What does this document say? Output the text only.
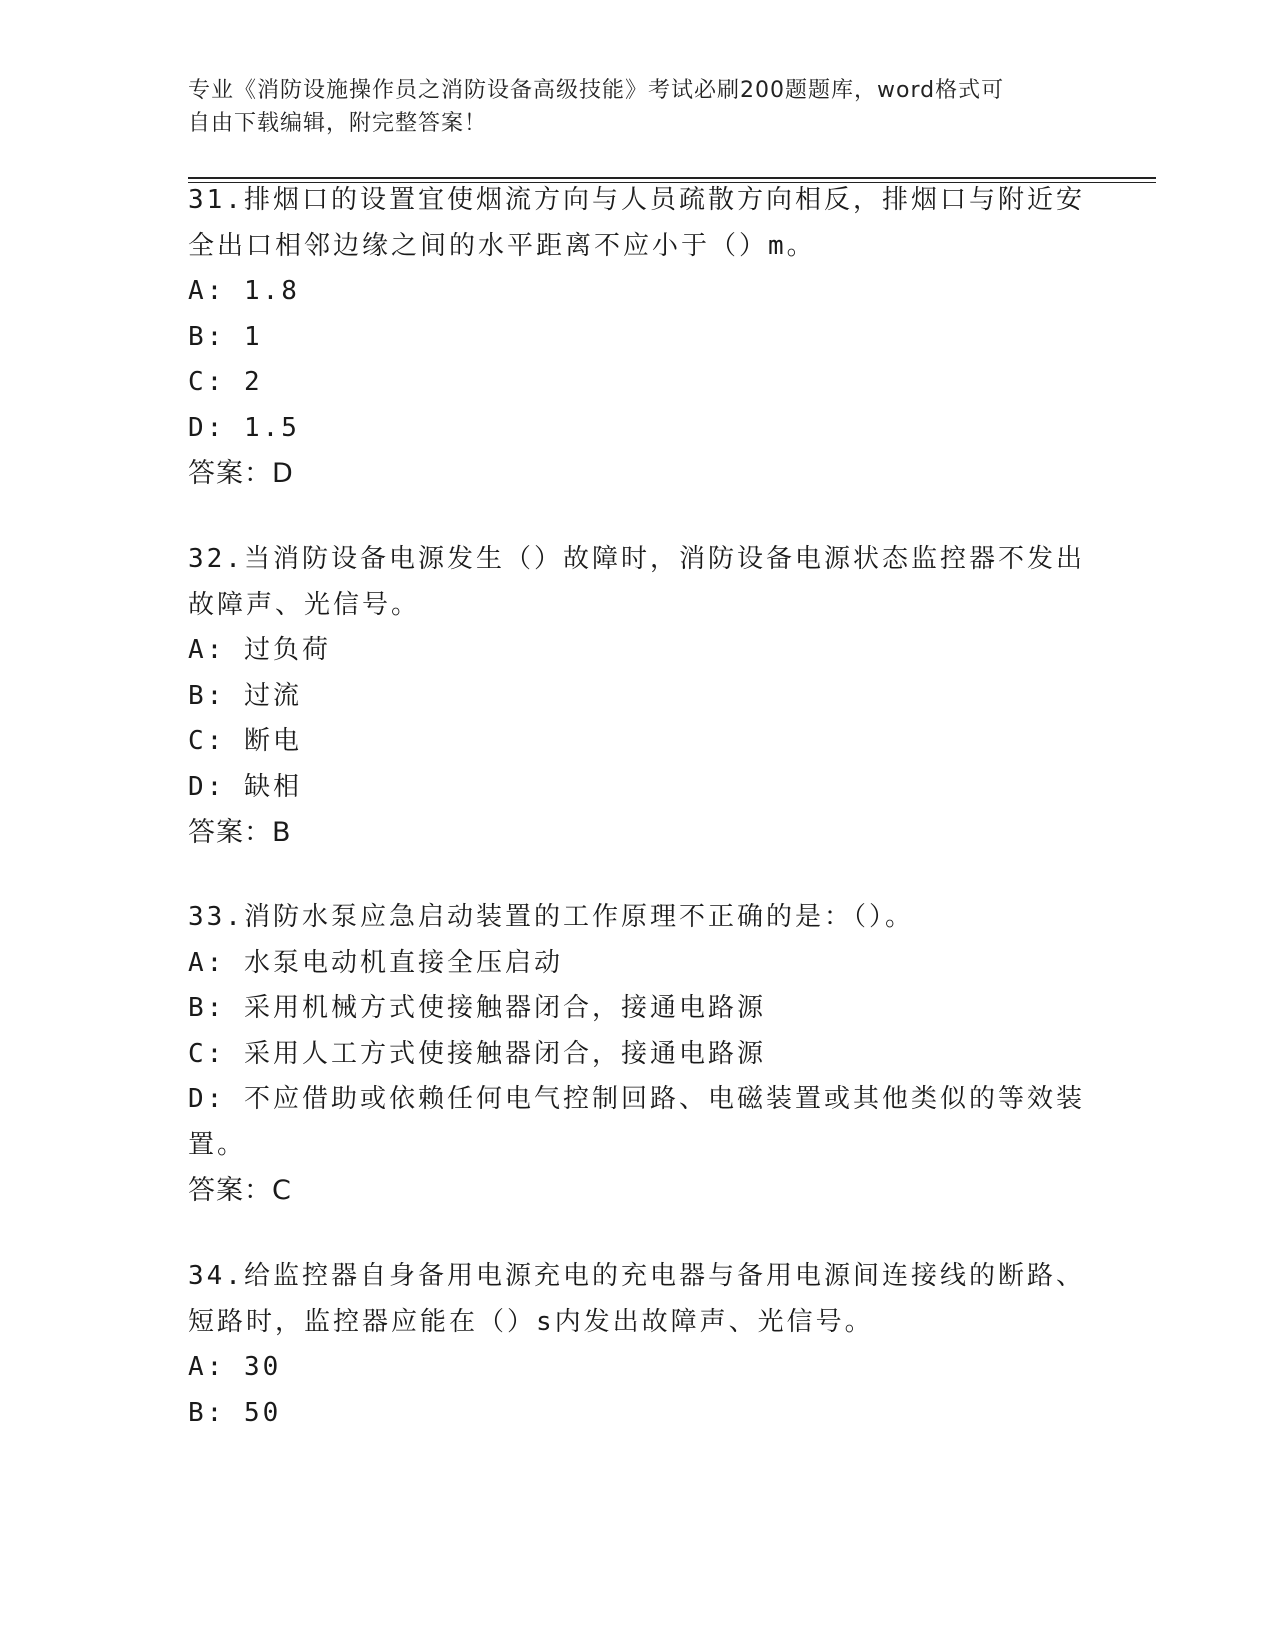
专业《消防设施操作员之消防设备高级技能》考试必刷200题题库，word格式可
自由下载编辑，附完整答案！
31.排烟口的设置宜使烟流方向与人员疏散方向相反，排烟口与附近安
全出口相邻边缘之间的水平距离不应小于（）m。
A: 1.8
B: 1
C: 2
D: 1.5
答案：D
32.当消防设备电源发生（）故障时，消防设备电源状态监控器不发出
故障声、光信号。
A: 过负荷
B: 过流
C: 断电
D: 缺相
答案：B
33.消防水泵应急启动装置的工作原理不正确的是：（）。
A: 水泵电动机直接全压启动
B: 采用机械方式使接触器闭合，接通电路源
C: 采用人工方式使接触器闭合，接通电路源
D: 不应借助或依赖任何电气控制回路、电磁装置或其他类似的等效装
置。
答案：C
34.给监控器自身备用电源充电的充电器与备用电源间连接线的断路、
短路时，监控器应能在（）s内发出故障声、光信号。
A: 30
B: 50
